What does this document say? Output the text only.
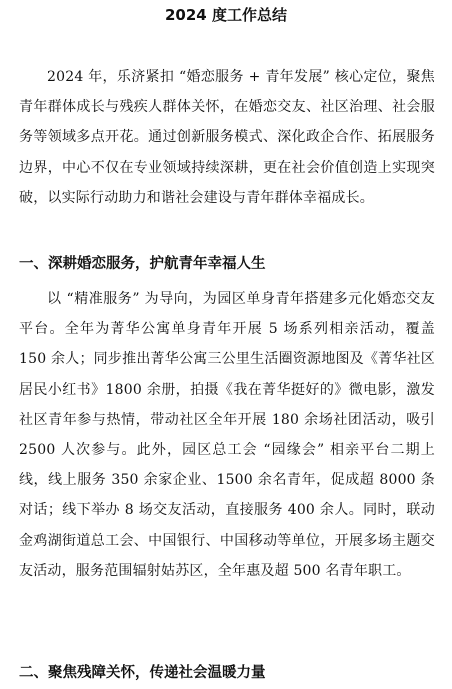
2024 度工作总结

2024 年，乐济紧扣 “婚恋服务 + 青年发展” 核心定位，聚焦青年群体成长与残疾人群体关怀，在婚恋交友、社区治理、社会服务等领域多点开花。通过创新服务模式、深化政企合作、拓展服务边界，中心不仅在专业领域持续深耕，更在社会价值创造上实现突破，以实际行动助力和谐社会建设与青年群体幸福成长。

一、深耕婚恋服务，护航青年幸福人生

以 “精准服务” 为导向，为园区单身青年搭建多元化婚恋交友平台。全年为菁华公寓单身青年开展 5 场系列相亲活动，覆盖 150 余人；同步推出菁华公寓三公里生活圈资源地图及《菁华社区居民小红书》1800 余册，拍摄《我在菁华挺好的》微电影，激发社区青年参与热情，带动社区全年开展 180 余场社团活动，吸引 2500 人次参与。此外，园区总工会 “园缘会” 相亲平台二期上线，线上服务 350 余家企业、1500 余名青年，促成超 8000 条对话；线下举办 8 场交友活动，直接服务 400 余人。同时，联动金鸡湖街道总工会、中国银行、中国移动等单位，开展多场主题交友活动，服务范围辐射姑苏区，全年惠及超 500 名青年职工。

二、聚焦残障关怀，传递社会温暖力量
